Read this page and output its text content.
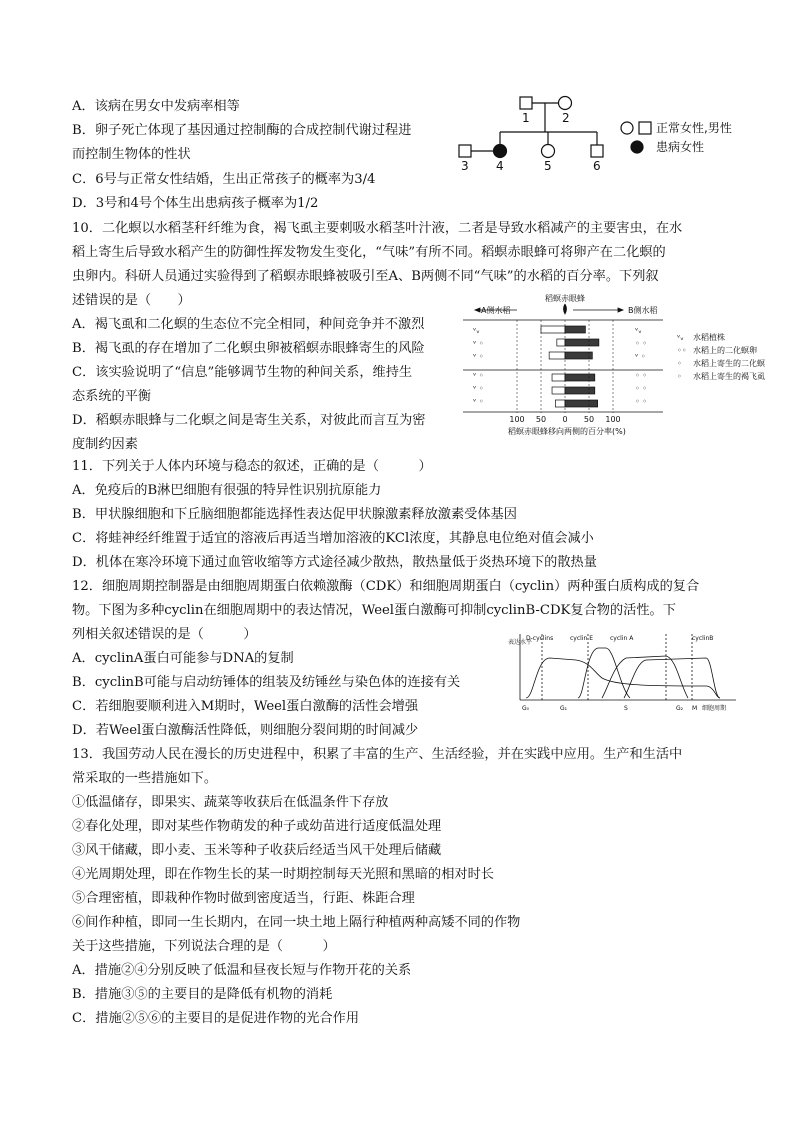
A．该病在男女中发病率相等
B．卵子死亡体现了基因通过控制酶的合成控制代谢过程进
而控制生物体的性状
C．6号与正常女性结婚，生出正常孩子的概率为3/4
D．3号和4号个体生出患病孩子概率为1/2
1	2
3 4	5	6
正常女性,男性
患病女性
10．二化螟以水稻茎秆纤维为食，褐飞虱主要刺吸水稻茎叶汁液，二者是导致水稻减产的主要害虫，在水
稻上寄生后导致水稻产生的防御性挥发物发生变化，“气味”有所不同。稻螟赤眼蜂可将卵产在二化螟的
虫卵内。科研人员通过实验得到了稻螟赤眼蜂被吸引至A、B两侧不同“气味”的水稻的百分率。下列叙
述错误的是（　　）
A．褐飞虱和二化螟的生态位不完全相同，种间竞争并不激烈
B．褐飞虱的存在增加了二化螟虫卵被稻螟赤眼蜂寄生的风险
C．该实验说明了“信息”能够调节生物的种间关系，维持生
态系统的平衡
D．稻螟赤眼蜂与二化螟之间是寄生关系，对彼此而言互为密
度制约因素
稻螟赤眼蜂
A侧水稻	B侧水稻
ᵛᵥ	ᵛᵥ
ᵛ ◦	◦ ◦
ᵛ ◦	ᵛ ◦
ᵛ ◦	◦ ◦
ᵛ ◦	◦ ◦
ᵛ ◦	◦ ◦
100 50 0 50 100
稻螟赤眼蜂移向两侧的百分率(%)
ᵛᵥ 水稻植株
◦◦ 水稻上的二化螟卵
◦ 水稻上寄生的二化螟
◦ 水稻上寄生的褐飞虱
11．下列关于人体内环境与稳态的叙述，正确的是（　　　）
A．免疫后的B淋巴细胞有很强的特异性识别抗原能力
B．甲状腺细胞和下丘脑细胞都能选择性表达促甲状腺激素释放激素受体基因
C．将蛙神经纤维置于适宜的溶液后再适当增加溶液的KCl浓度，其静息电位绝对值会减小
D．机体在寒冷环境下通过血管收缩等方式途径减少散热，散热量低于炎热环境下的散热量
12．细胞周期控制器是由细胞周期蛋白依赖激酶（CDK）和细胞周期蛋白（cyclin）两种蛋白质构成的复合
物。下图为多种cyclin在细胞周期中的表达情况，Weel蛋白激酶可抑制cyclinB-CDK复合物的活性。下
列相关叙述错误的是（　　　）
A．cyclinA蛋白可能参与DNA的复制
B．cyclinB可能与启动纺锤体的组装及纺锤丝与染色体的连接有关
C．若细胞要顺利进入M期时，Weel蛋白激酶的活性会增强
D．若Weel蛋白激酶活性降低，则细胞分裂间期的时间减少
表达水平
D-cyclins	cyclin E	cyclin A	cyclinB
G₀	G₁	S	G₂ M 细胞周期
13．我国劳动人民在漫长的历史进程中，积累了丰富的生产、生活经验，并在实践中应用。生产和生活中
常采取的一些措施如下。
①低温储存，即果实、蔬菜等收获后在低温条件下存放
②春化处理，即对某些作物萌发的种子或幼苗进行适度低温处理
③风干储藏，即小麦、玉米等种子收获后经适当风干处理后储藏
④光周期处理，即在作物生长的某一时期控制每天光照和黑暗的相对时长
⑤合理密植，即栽种作物时做到密度适当，行距、株距合理
⑥间作种植，即同一生长期内，在同一块土地上隔行种植两种高矮不同的作物
关于这些措施，下列说法合理的是（　　　）
A．措施②④分别反映了低温和昼夜长短与作物开花的关系
B．措施③⑤的主要目的是降低有机物的消耗
C．措施②⑤⑥的主要目的是促进作物的光合作用
